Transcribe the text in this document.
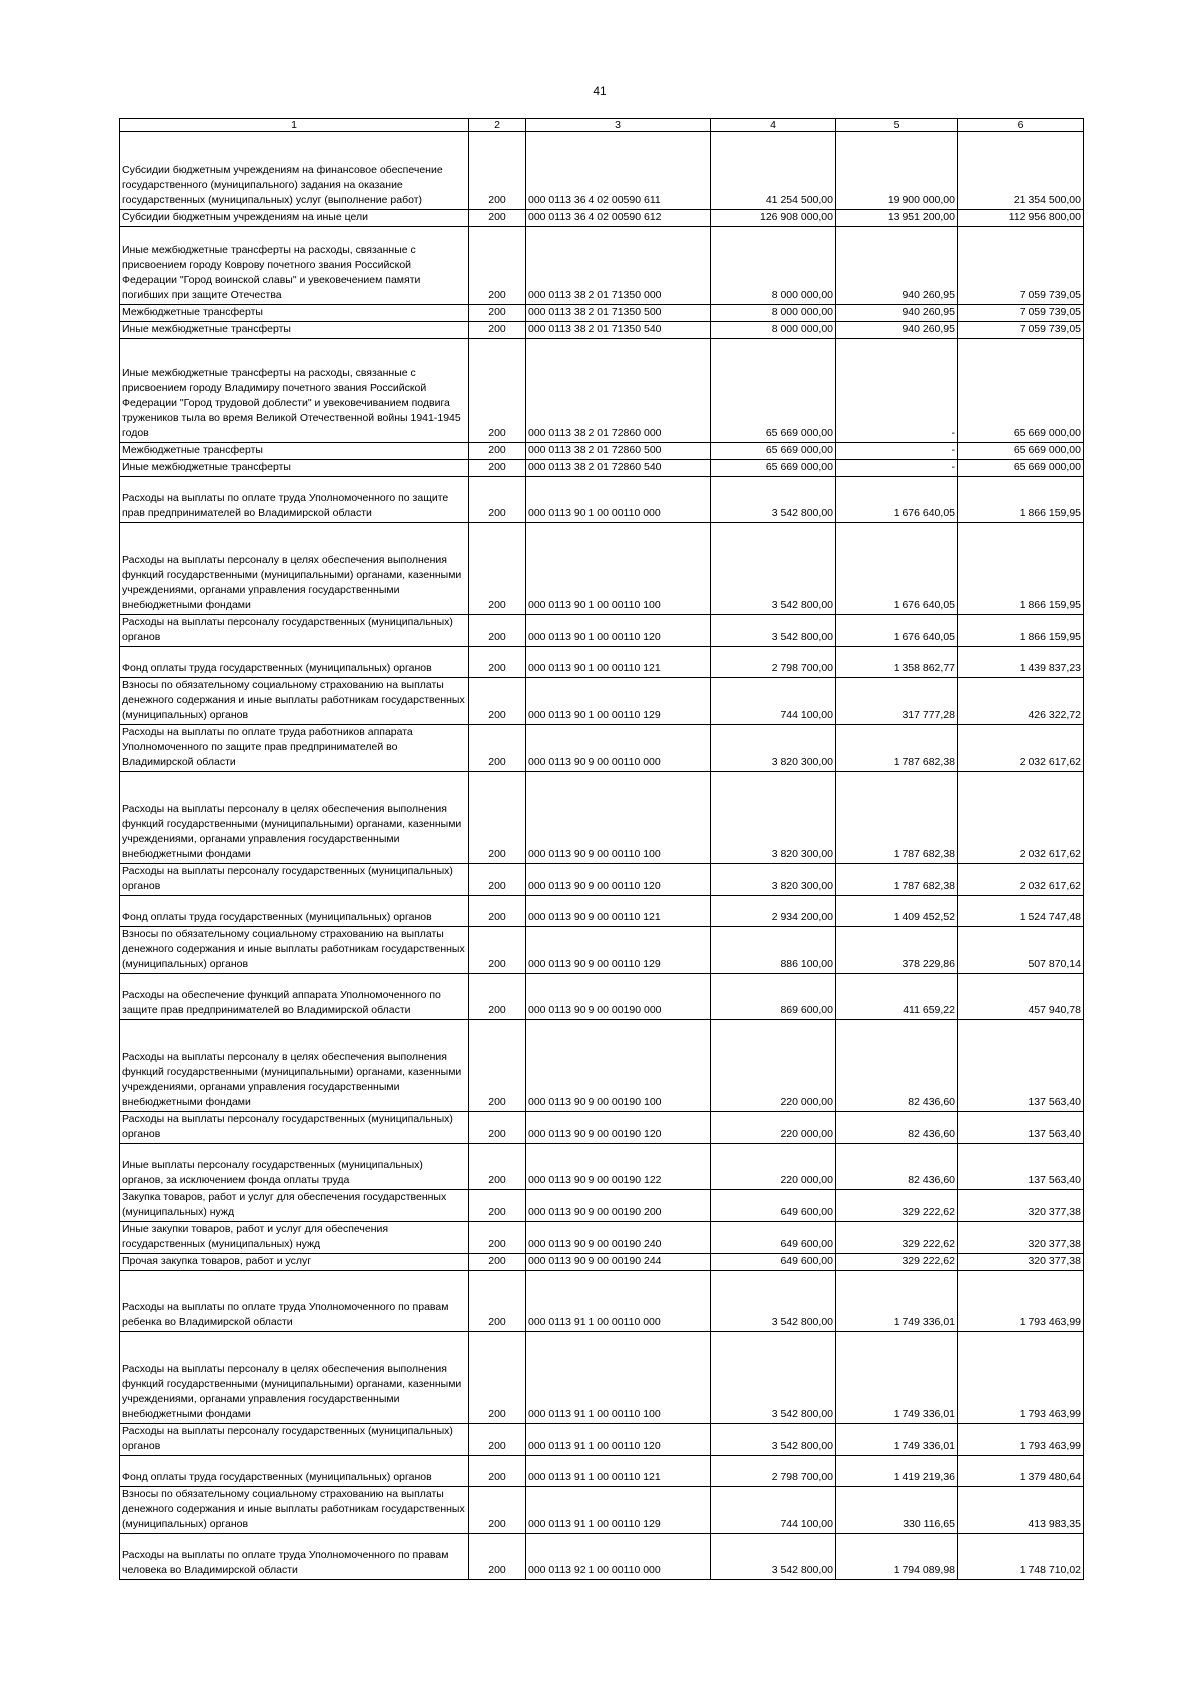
41
1	2	3	4	5	6
Субсидии бюджетным учреждениям на финансовое обеспечение государственного (муниципального) задания на оказание государственных (муниципальных) услуг (выполнение работ)	200	000 0113 36 4 02 00590 611	41 254 500,00	19 900 000,00	21 354 500,00
Субсидии бюджетным учреждениям на иные цели	200	000 0113 36 4 02 00590 612	126 908 000,00	13 951 200,00	112 956 800,00
Иные межбюджетные трансферты на расходы, связанные с присвоением городу Коврову почетного звания Российской Федерации "Город воинской славы" и увековечением памяти погибших при защите Отечества	200	000 0113 38 2 01 71350 000	8 000 000,00	940 260,95	7 059 739,05
Межбюджетные трансферты	200	000 0113 38 2 01 71350 500	8 000 000,00	940 260,95	7 059 739,05
Иные межбюджетные трансферты	200	000 0113 38 2 01 71350 540	8 000 000,00	940 260,95	7 059 739,05
Иные межбюджетные трансферты на расходы, связанные с присвоением городу Владимиру почетного звания Российской Федерации "Город трудовой доблести" и увековечиванием подвига тружеников тыла во время Великой Отечественной войны 1941-1945 годов	200	000 0113 38 2 01 72860 000	65 669 000,00	-	65 669 000,00
Межбюджетные трансферты	200	000 0113 38 2 01 72860 500	65 669 000,00	-	65 669 000,00
Иные межбюджетные трансферты	200	000 0113 38 2 01 72860 540	65 669 000,00	-	65 669 000,00
Расходы на выплаты по оплате труда Уполномоченного по защите прав предпринимателей во Владимирской области	200	000 0113 90 1 00 00110 000	3 542 800,00	1 676 640,05	1 866 159,95
Расходы на выплаты персоналу в целях обеспечения выполнения функций государственными (муниципальными) органами, казенными учреждениями, органами управления государственными внебюджетными фондами	200	000 0113 90 1 00 00110 100	3 542 800,00	1 676 640,05	1 866 159,95
Расходы на выплаты персоналу государственных (муниципальных) органов	200	000 0113 90 1 00 00110 120	3 542 800,00	1 676 640,05	1 866 159,95
Фонд оплаты труда государственных (муниципальных) органов	200	000 0113 90 1 00 00110 121	2 798 700,00	1 358 862,77	1 439 837,23
Взносы по обязательному социальному страхованию на выплаты денежного содержания и иные выплаты работникам государственных (муниципальных) органов	200	000 0113 90 1 00 00110 129	744 100,00	317 777,28	426 322,72
Расходы на выплаты по оплате труда работников аппарата Уполномоченного по защите прав предпринимателей во Владимирской области	200	000 0113 90 9 00 00110 000	3 820 300,00	1 787 682,38	2 032 617,62
Расходы на выплаты персоналу в целях обеспечения выполнения функций государственными (муниципальными) органами, казенными учреждениями, органами управления государственными внебюджетными фондами	200	000 0113 90 9 00 00110 100	3 820 300,00	1 787 682,38	2 032 617,62
Расходы на выплаты персоналу государственных (муниципальных) органов	200	000 0113 90 9 00 00110 120	3 820 300,00	1 787 682,38	2 032 617,62
Фонд оплаты труда государственных (муниципальных) органов	200	000 0113 90 9 00 00110 121	2 934 200,00	1 409 452,52	1 524 747,48
Взносы по обязательному социальному страхованию на выплаты денежного содержания и иные выплаты работникам государственных (муниципальных) органов	200	000 0113 90 9 00 00110 129	886 100,00	378 229,86	507 870,14
Расходы на обеспечение функций аппарата Уполномоченного по защите прав предпринимателей во Владимирской области	200	000 0113 90 9 00 00190 000	869 600,00	411 659,22	457 940,78
Расходы на выплаты персоналу в целях обеспечения выполнения функций государственными (муниципальными) органами, казенными учреждениями, органами управления государственными внебюджетными фондами	200	000 0113 90 9 00 00190 100	220 000,00	82 436,60	137 563,40
Расходы на выплаты персоналу государственных (муниципальных) органов	200	000 0113 90 9 00 00190 120	220 000,00	82 436,60	137 563,40
Иные выплаты персоналу государственных (муниципальных) органов, за исключением фонда оплаты труда	200	000 0113 90 9 00 00190 122	220 000,00	82 436,60	137 563,40
Закупка товаров, работ и услуг для обеспечения государственных (муниципальных) нужд	200	000 0113 90 9 00 00190 200	649 600,00	329 222,62	320 377,38
Иные закупки товаров, работ и услуг для обеспечения государственных (муниципальных) нужд	200	000 0113 90 9 00 00190 240	649 600,00	329 222,62	320 377,38
Прочая закупка товаров, работ и услуг	200	000 0113 90 9 00 00190 244	649 600,00	329 222,62	320 377,38
Расходы на выплаты по оплате труда Уполномоченного по правам ребенка во Владимирской области	200	000 0113 91 1 00 00110 000	3 542 800,00	1 749 336,01	1 793 463,99
Расходы на выплаты персоналу в целях обеспечения выполнения функций государственными (муниципальными) органами, казенными учреждениями, органами управления государственными внебюджетными фондами	200	000 0113 91 1 00 00110 100	3 542 800,00	1 749 336,01	1 793 463,99
Расходы на выплаты персоналу государственных (муниципальных) органов	200	000 0113 91 1 00 00110 120	3 542 800,00	1 749 336,01	1 793 463,99
Фонд оплаты труда государственных (муниципальных) органов	200	000 0113 91 1 00 00110 121	2 798 700,00	1 419 219,36	1 379 480,64
Взносы по обязательному социальному страхованию на выплаты денежного содержания и иные выплаты работникам государственных (муниципальных) органов	200	000 0113 91 1 00 00110 129	744 100,00	330 116,65	413 983,35
Расходы на выплаты по оплате труда Уполномоченного по правам человека во Владимирской области	200	000 0113 92 1 00 00110 000	3 542 800,00	1 794 089,98	1 748 710,02
